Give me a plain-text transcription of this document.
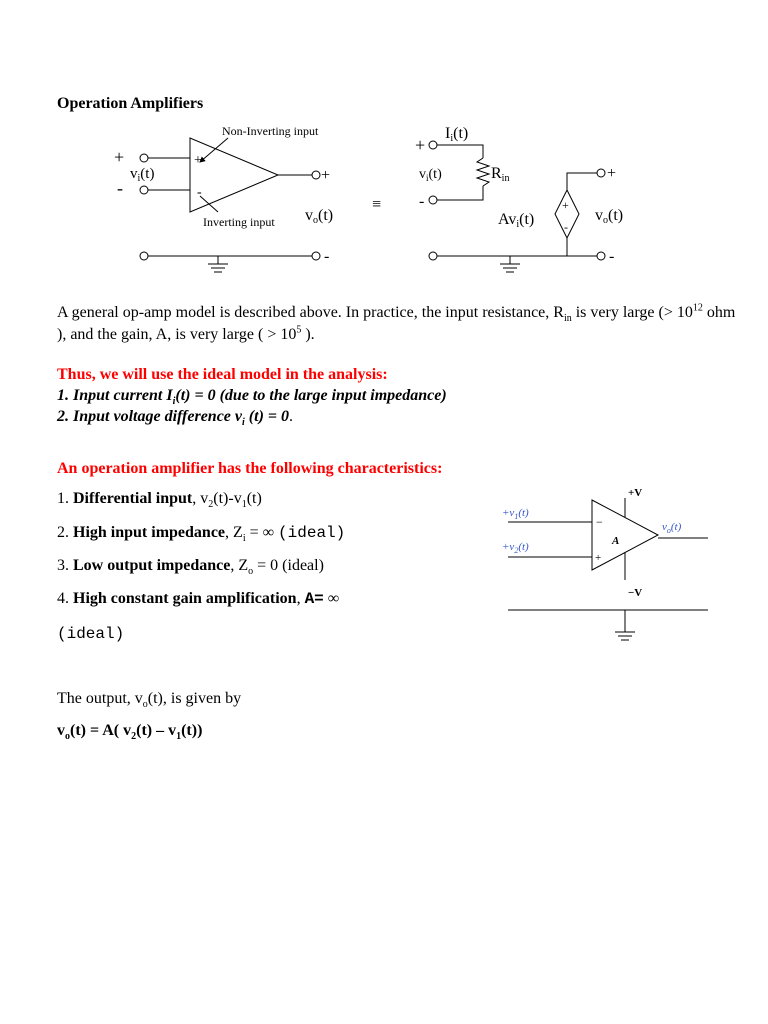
Operation Amplifiers
+
-
$v_i(t)$
+
-
+
Non-Inverting input
Inverting input vo(t)
-
≡
+
Ii(t)
Rin
-
$v_i(t)$	+
+
-
Avi(t)	vo(t)
-
A general op-amp model is described above. In practice, the input resistance, $R_{in}$ is very large (> $10^{12}$ ohm ), and the gain, A, is very large ( > $10^5$ ).
Thus, we will use the ideal model in the analysis:
1. Input current $I_i(t) = 0$ (due to the large input impedance)
2. Input voltage difference $v_i$ (t) = 0.
An operation amplifier has the following characteristics:
1. Differential input, $v_2(t)-v_1(t)$
2. High input impedance, $Z_i$ = ∞ (ideal)
3. Low output impedance, $Z_o = 0$ (ideal)
4. High constant gain amplification, A= ∞
(ideal)
+V
−V
$+v_1(t)$
$+v_2(t)$
−
+
A
$v_o(t)$
The output, $v_o(t)$, is given by
$v_o(t) = A$( $v_2(t) - v_1(t)$)
